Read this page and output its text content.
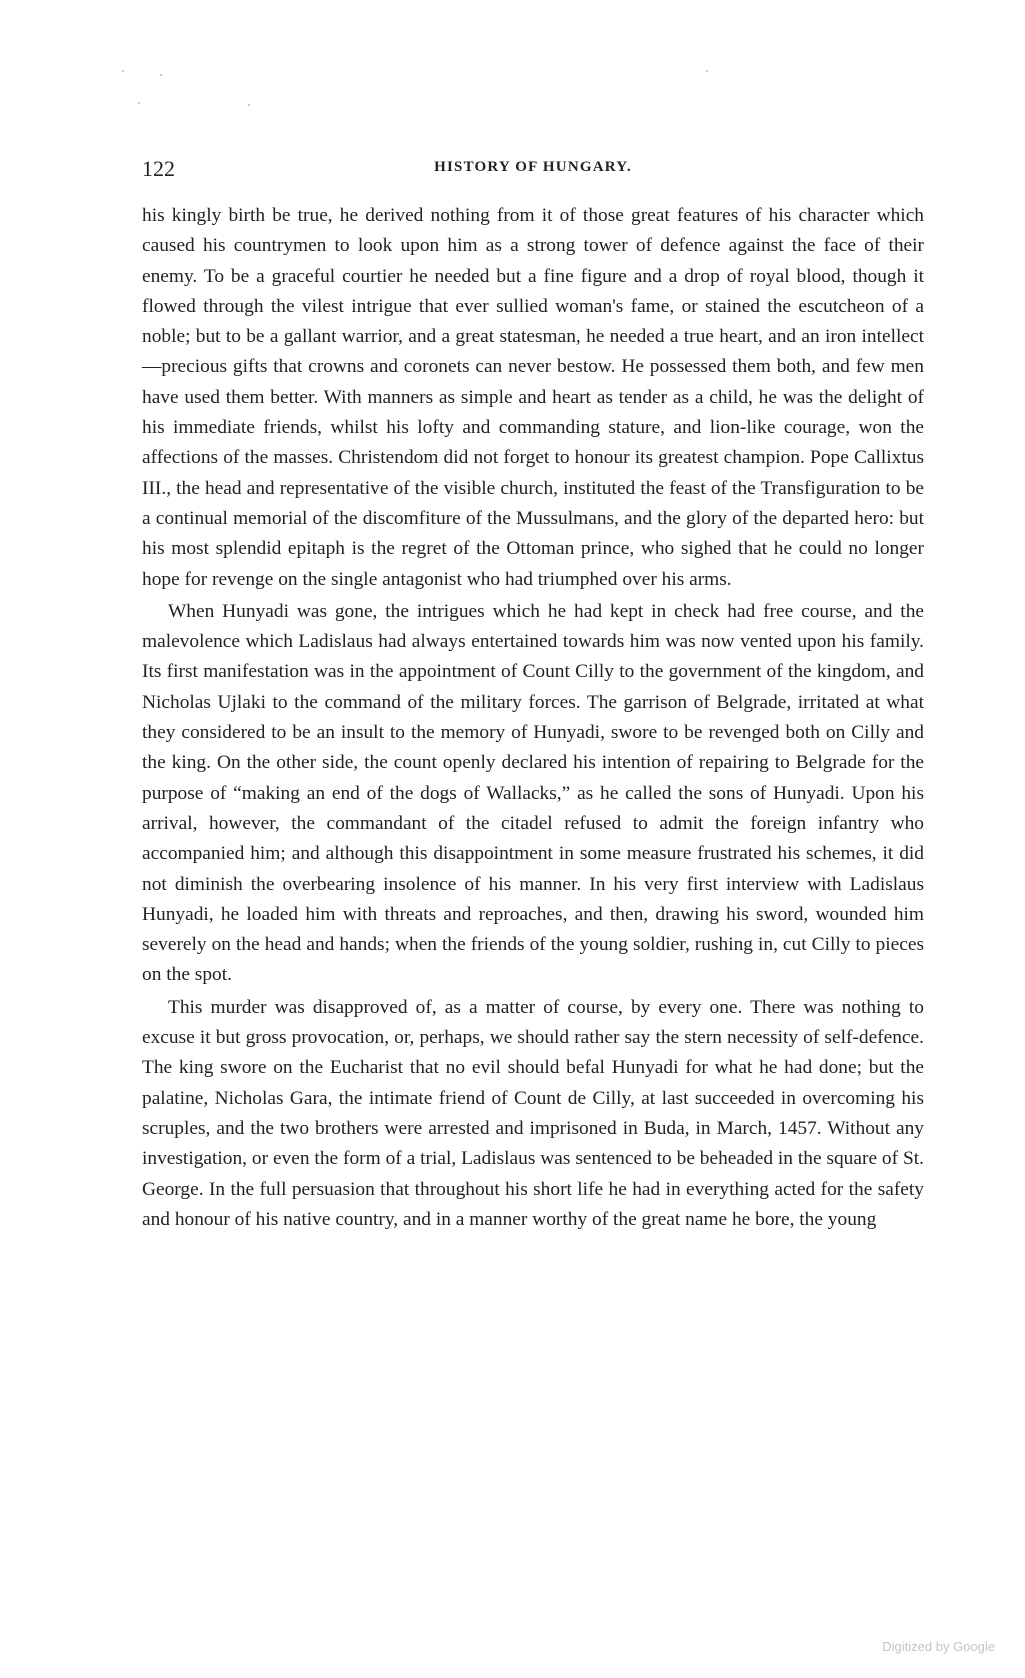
122	HISTORY OF HUNGARY.

his kingly birth be true, he derived nothing from it of those great features of his character which caused his countrymen to look upon him as a strong tower of defence against the face of their enemy. To be a graceful courtier he needed but a fine figure and a drop of royal blood, though it flowed through the vilest intrigue that ever sullied woman's fame, or stained the escutcheon of a noble; but to be a gallant warrior, and a great statesman, he needed a true heart, and an iron intellect—precious gifts that crowns and coronets can never bestow. He possessed them both, and few men have used them better. With manners as simple and heart as tender as a child, he was the delight of his immediate friends, whilst his lofty and commanding stature, and lion-like courage, won the affections of the masses. Christendom did not forget to honour its greatest champion. Pope Callixtus III., the head and representative of the visible church, instituted the feast of the Transfiguration to be a continual memorial of the discomfiture of the Mussulmans, and the glory of the departed hero: but his most splendid epitaph is the regret of the Ottoman prince, who sighed that he could no longer hope for revenge on the single antagonist who had triumphed over his arms.

When Hunyadi was gone, the intrigues which he had kept in check had free course, and the malevolence which Ladislaus had always entertained towards him was now vented upon his family. Its first manifestation was in the appointment of Count Cilly to the government of the kingdom, and Nicholas Ujlaki to the command of the military forces. The garrison of Belgrade, irritated at what they considered to be an insult to the memory of Hunyadi, swore to be revenged both on Cilly and the king. On the other side, the count openly declared his intention of repairing to Belgrade for the purpose of “making an end of the dogs of Wallacks,” as he called the sons of Hunyadi. Upon his arrival, however, the commandant of the citadel refused to admit the foreign infantry who accompanied him; and although this disappointment in some measure frustrated his schemes, it did not diminish the overbearing insolence of his manner. In his very first interview with Ladislaus Hunyadi, he loaded him with threats and reproaches, and then, drawing his sword, wounded him severely on the head and hands; when the friends of the young soldier, rushing in, cut Cilly to pieces on the spot.

This murder was disapproved of, as a matter of course, by every one. There was nothing to excuse it but gross provocation, or, perhaps, we should rather say the stern necessity of self-defence. The king swore on the Eucharist that no evil should befal Hunyadi for what he had done; but the palatine, Nicholas Gara, the intimate friend of Count de Cilly, at last succeeded in overcoming his scruples, and the two brothers were arrested and imprisoned in Buda, in March, 1457. Without any investigation, or even the form of a trial, Ladislaus was sentenced to be beheaded in the square of St. George. In the full persuasion that throughout his short life he had in everything acted for the safety and honour of his native country, and in a manner worthy of the great name he bore, the young

Digitized by Google
